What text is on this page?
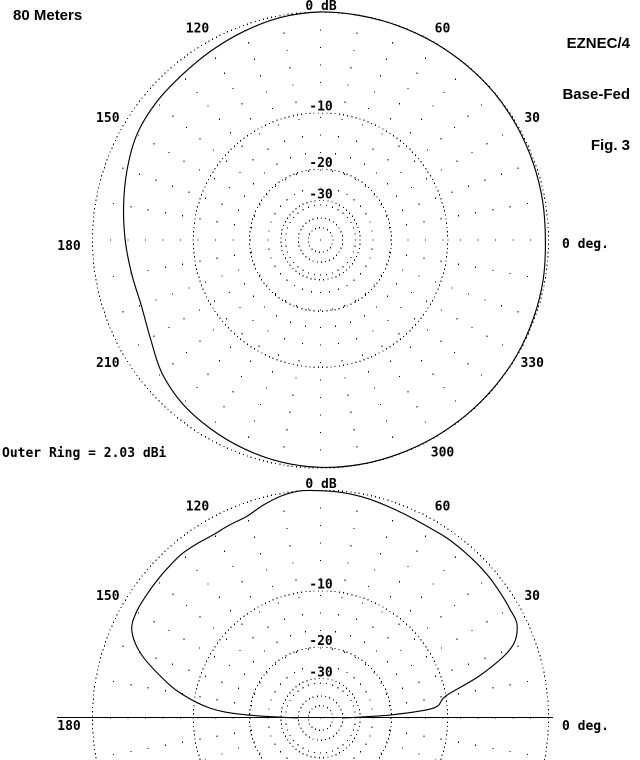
80 Meters

EZNEC/4

Base-Fed

Fig. 3

Outer Ring = 2.03 dBi
0 dB
-10
-20
-30
0 deg.
30
60
120
150
180
210
300
330
0 dB
-10
-20
-30
0 deg.
30
60
120
150
180
